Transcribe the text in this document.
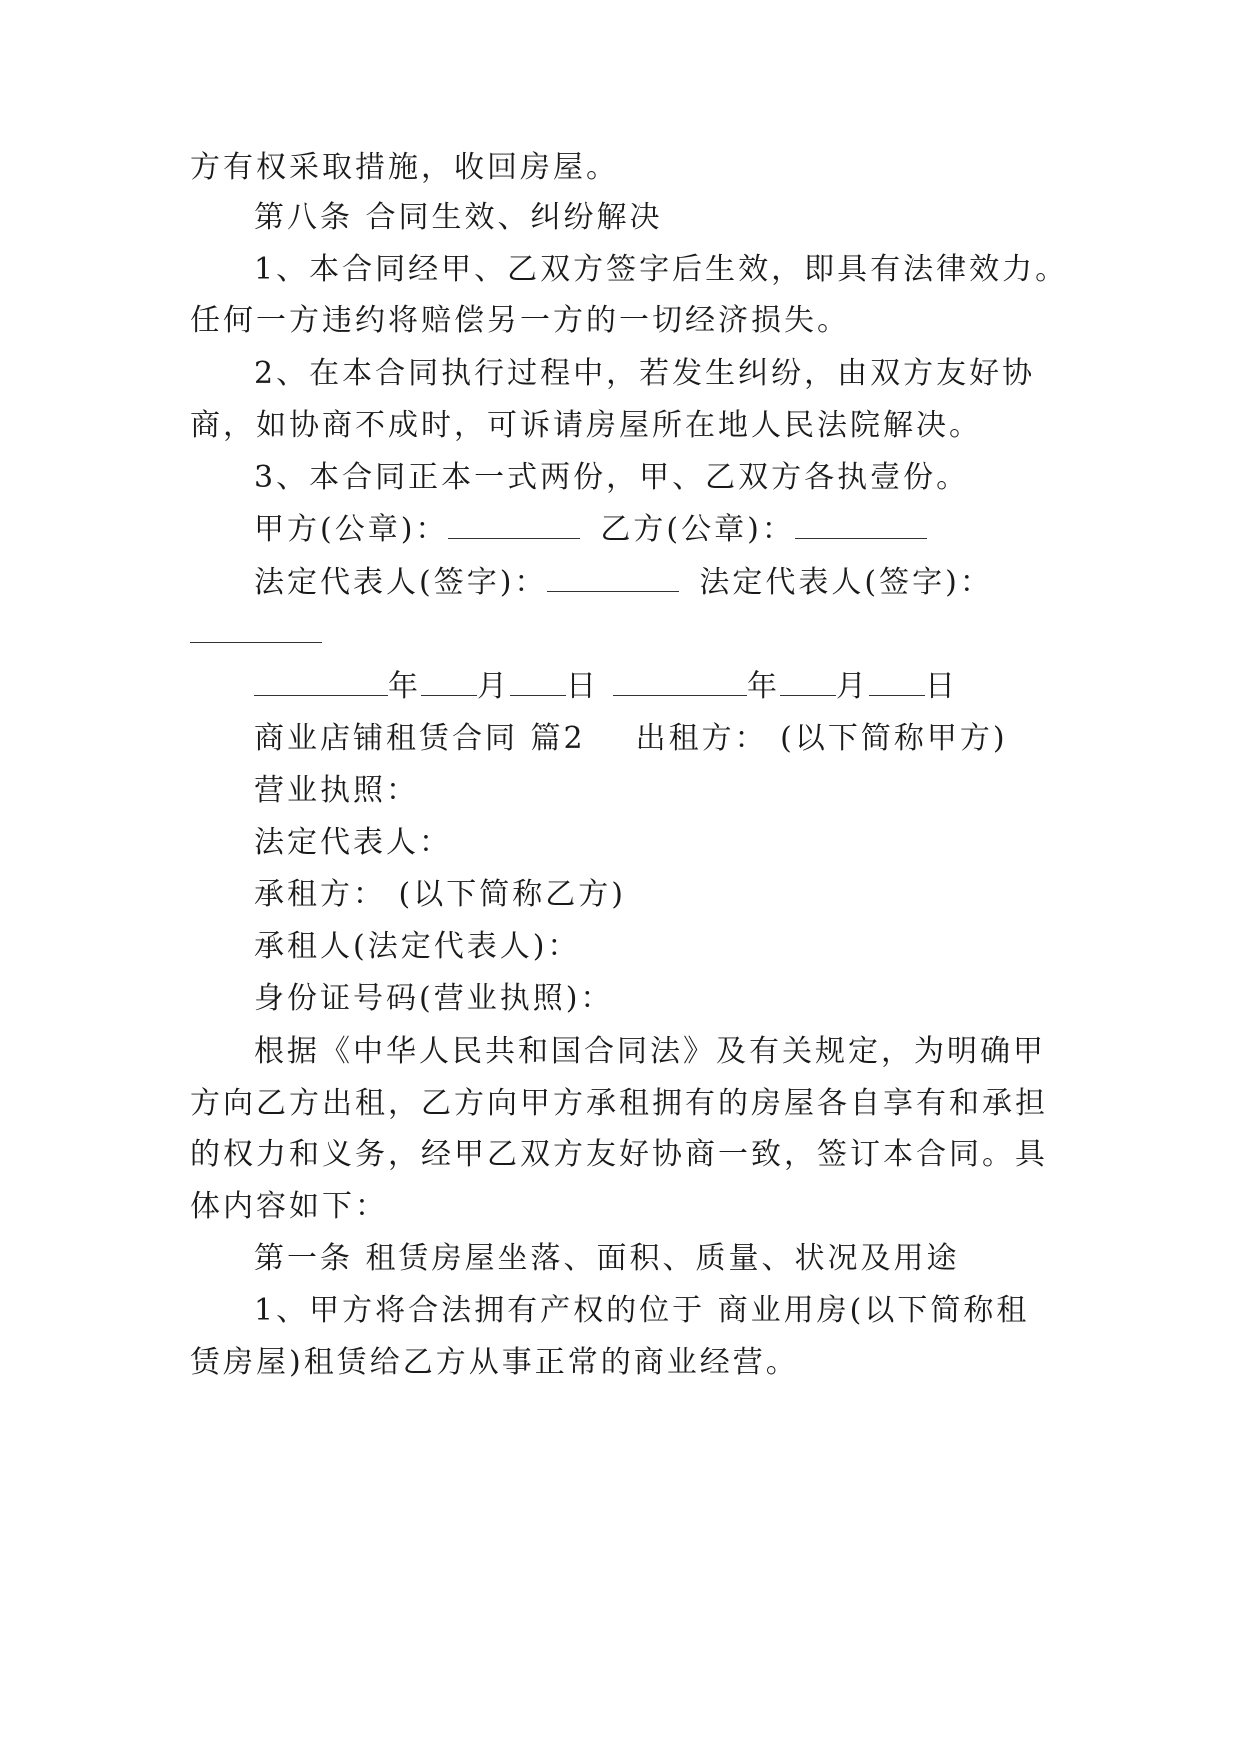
方有权采取措施，收回房屋。
第八条 合同生效、纠纷解决
1、本合同经甲、乙双方签字后生效，即具有法律效力。
任何一方违约将赔偿另一方的一切经济损失。
2、在本合同执行过程中，若发生纠纷，由双方友好协
商，如协商不成时，可诉请房屋所在地人民法院解决。
3、本合同正本一式两份，甲、乙双方各执壹份。
甲方(公章)：	乙方(公章)：
法定代表人(签字)：	法定代表人(签字)：
年 月 日	年 月 日
商业店铺租赁合同 篇2 出租方： (以下简称甲方)
营业执照：
法定代表人：
承租方： (以下简称乙方)
承租人(法定代表人)：
身份证号码(营业执照)：
根据《中华人民共和国合同法》及有关规定，为明确甲
方向乙方出租，乙方向甲方承租拥有的房屋各自享有和承担
的权力和义务，经甲乙双方友好协商一致，签订本合同。具
体内容如下：
第一条 租赁房屋坐落、面积、质量、状况及用途
1、甲方将合法拥有产权的位于 商业用房(以下简称租
赁房屋)租赁给乙方从事正常的商业经营。
